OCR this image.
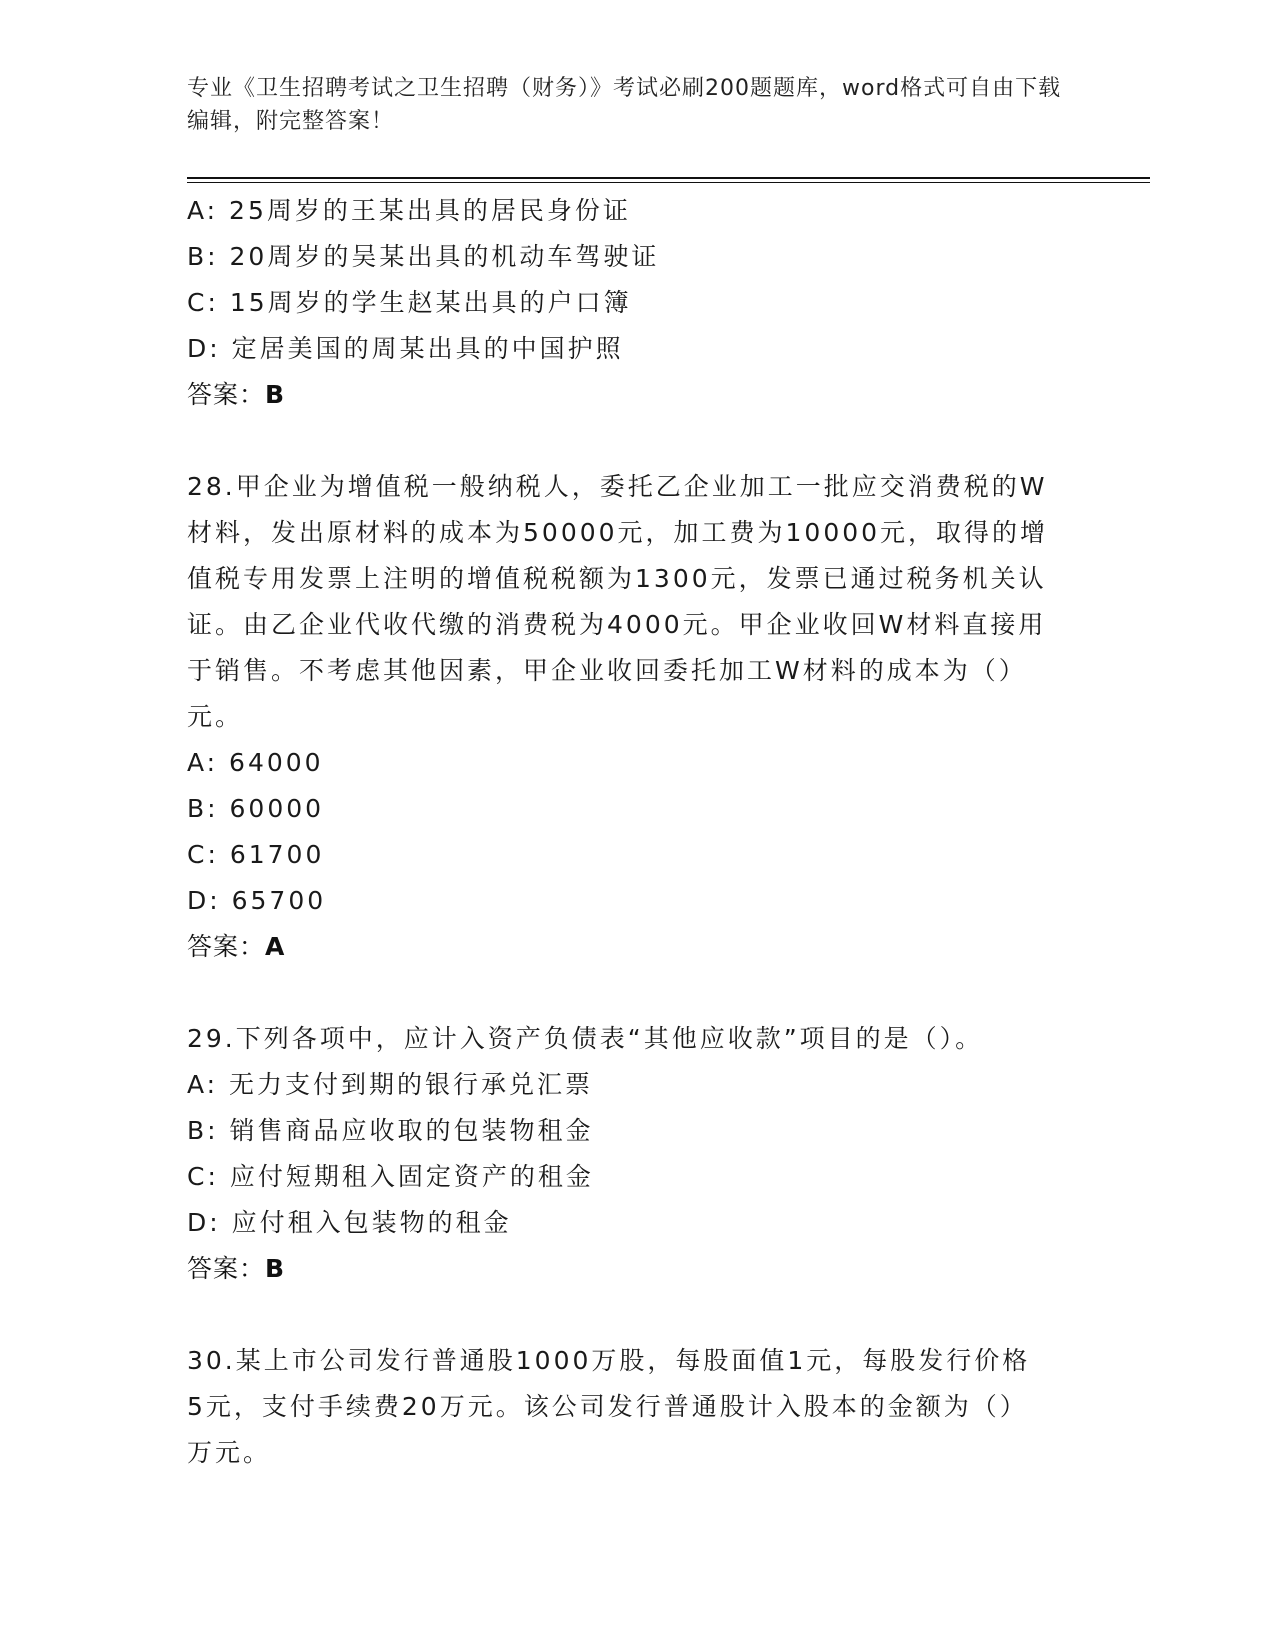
专业《卫生招聘考试之卫生招聘（财务）》考试必刷200题题库，word格式可自由下载编辑，附完整答案！
A: 25周岁的王某出具的居民身份证
B: 20周岁的吴某出具的机动车驾驶证
C: 15周岁的学生赵某出具的户口簿
D: 定居美国的周某出具的中国护照
答案：B
28.甲企业为增值税一般纳税人，委托乙企业加工一批应交消费税的W
材料，发出原材料的成本为50000元，加工费为10000元，取得的增
值税专用发票上注明的增值税税额为1300元，发票已通过税务机关认
证。由乙企业代收代缴的消费税为4000元。甲企业收回W材料直接用
于销售。不考虑其他因素，甲企业收回委托加工W材料的成本为（）
元。
A: 64000
B: 60000
C: 61700
D: 65700
答案：A
29.下列各项中，应计入资产负债表“其他应收款”项目的是（）。
A: 无力支付到期的银行承兑汇票
B: 销售商品应收取的包装物租金
C: 应付短期租入固定资产的租金
D: 应付租入包装物的租金
答案：B
30.某上市公司发行普通股1000万股，每股面值1元，每股发行价格
5元，支付手续费20万元。该公司发行普通股计入股本的金额为（）
万元。
